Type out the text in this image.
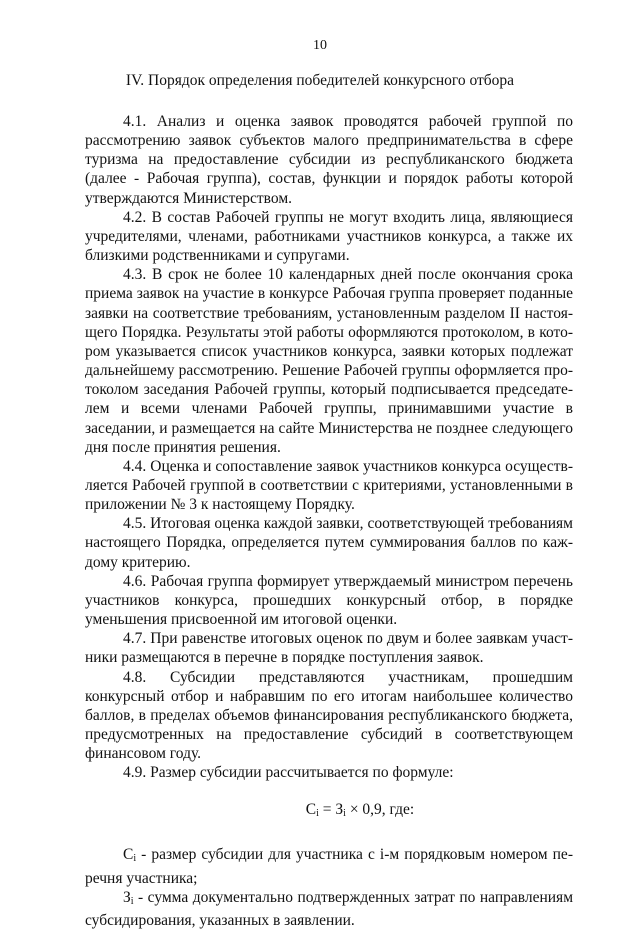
10
IV. Порядок определения победителей конкурсного отбора

4.1. Анализ и оценка заявок проводятся рабочей группой по рассмотрению заявок субъектов малого предпринимательства в сфере туризма на предоставление субсидии из республиканского бюджета (далее - Рабочая группа), состав, функции и порядок работы которой утверждаются Министерством.

4.2. В состав Рабочей группы не могут входить лица, являющиеся учредителями, членами, работниками участников конкурса, а также их близкими родственниками и супругами.

4.3. В срок не более 10 календарных дней после окончания срока приема заявок на участие в конкурсе Рабочая группа проверяет поданные заявки на соответствие требованиям, установленным разделом II настоящего Порядка. Результаты этой работы оформляются протоколом, в котором указывается список участников конкурса, заявки которых подлежат дальнейшему рассмотрению. Решение Рабочей группы оформляется протоколом заседания Рабочей группы, который подписывается председателем и всеми членами Рабочей группы, принимавшими участие в заседании, и размещается на сайте Министерства не позднее следующего дня после принятия решения.

4.4. Оценка и сопоставление заявок участников конкурса осуществляется Рабочей группой в соответствии с критериями, установленными в приложении № 3 к настоящему Порядку.

4.5. Итоговая оценка каждой заявки, соответствующей требованиям настоящего Порядка, определяется путем суммирования баллов по каждому критерию.

4.6. Рабочая группа формирует утверждаемый министром перечень участников конкурса, прошедших конкурсный отбор, в порядке уменьшения присвоенной им итоговой оценки.

4.7. При равенстве итоговых оценок по двум и более заявкам участники размещаются в перечне в порядке поступления заявок.

4.8. Субсидии представляются участникам, прошедшим конкурсный отбор и набравшим по его итогам наибольшее количество баллов, в пределах объемов финансирования республиканского бюджета, предусмотренных на предоставление субсидий в соответствующем финансовом году.

4.9. Размер субсидии рассчитывается по формуле:

$С_i = З_i \times 0,9$, где:

$С_i$ - размер субсидии для участника с i-м порядковым номером перечня участника;

$З_i$ - сумма документально подтвержденных затрат по направлениям субсидирования, указанных в заявлении.
